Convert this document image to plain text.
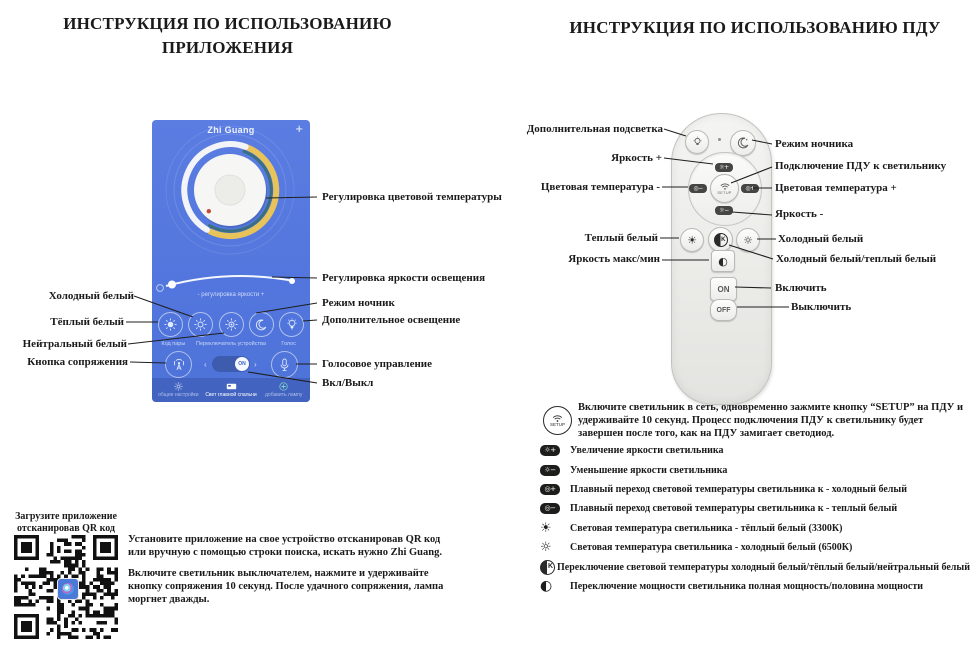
ИНСТРУКЦИЯ ПО ИСПОЛЬЗОВАНИЮ
ПРИЛОЖЕНИЯ
ИНСТРУКЦИЯ ПО ИСПОЛЬЗОВАНИЮ ПДУ
Zhi Guang	+
- регулировка яркости +
Код пары	Переключатель устройства	Голос
‹	ON	›
общие настройки Свет главной спальни добавить лампу
Регулировка цветовой температуры
Регулировка яркости освещения
Режим ночник
Дополнительное освещение
Голосовое управление
Вкл/Выкл
Холодный белый
Тёплый белый
Нейтральный белый
Кнопка сопряжения
☼+
☼−
◎−	◎+
SETUP
☀	K ☼
◐
ON
OFF
Дополнительная подсветка
Яркость +
Цветовая температура -
Теплый белый
Яркость макс/мин
Режим ночника
Подключение ПДУ к светильнику
Цветовая температура +
Яркость -
Холодный белый
Холодный белый/теплый белый
Включить
Выключить
SETUP
Включите светильник в сеть, одновременно зажмите кнопку “SETUP” на ПДУ и удерживайте 10 секунд. Процесс подключения ПДУ к светильнику будет завершен после того, как на ПДУ замигает светодиод.
☼+	Увеличение яркости светильника
☼−	Уменьшение яркости светильника
◎+	Плавный переход световой температуры светильника к - холодный белый
◎−	Плавный переход световой температуры светильника к - теплый белый
☀ Световая температура светильника - тёплый белый (3300К)
☼ Световая температура светильника - холодный белый (6500К)
K Переключение световой температуры холодный белый/тёплый белый/нейтральный белый
◐ Переключение мощности светильника полная мощность/половина мощности
Загрузите приложение
отсканировав QR код
Установите приложение на свое устройство отсканировав QR код или вручную с помощью строки поиска, искать нужно Zhi Guang.
Включите светильник выключателем, нажмите и удерживайте кнопку сопряжения 10 секунд. После удачного сопряжения, лампа моргнет дважды.
